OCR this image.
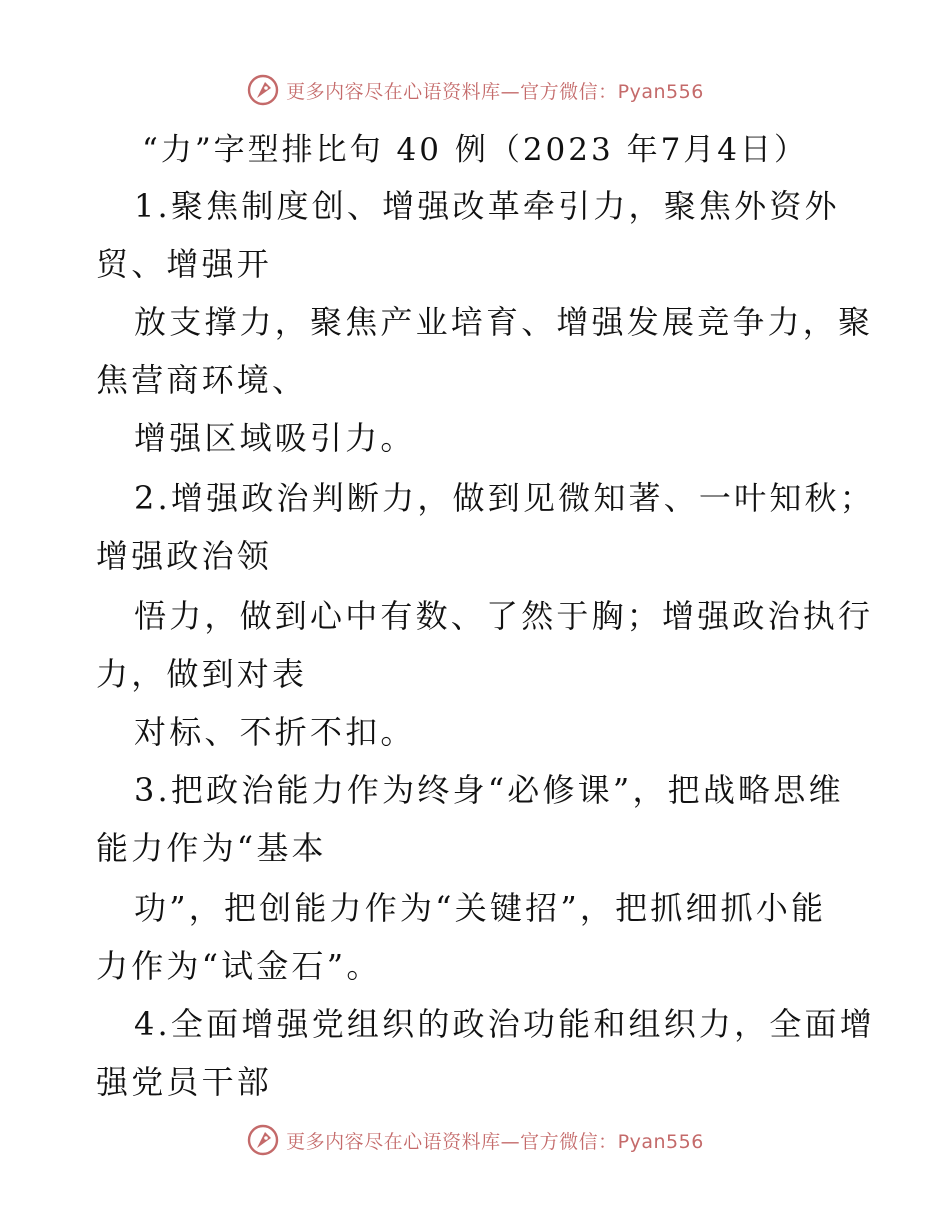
更多内容尽在心语资料库—官方微信：Pyan556
“力”字型排比句 40 例（2023 年7月4日）
1.聚焦制度创、增强改革牵引力，聚焦外资外
贸、增强开
放支撑力，聚焦产业培育、增强发展竞争力，聚
焦营商环境、
增强区域吸引力。
2.增强政治判断力，做到见微知著、一叶知秋；
增强政治领
悟力，做到心中有数、了然于胸；增强政治执行
力，做到对表
对标、不折不扣。
3.把政治能力作为终身“必修课”，把战略思维
能力作为“基本
功”，把创能力作为“关键招”，把抓细抓小能
力作为“试金石”。
4.全面增强党组织的政治功能和组织力，全面增
强党员干部
更多内容尽在心语资料库—官方微信：Pyan556
